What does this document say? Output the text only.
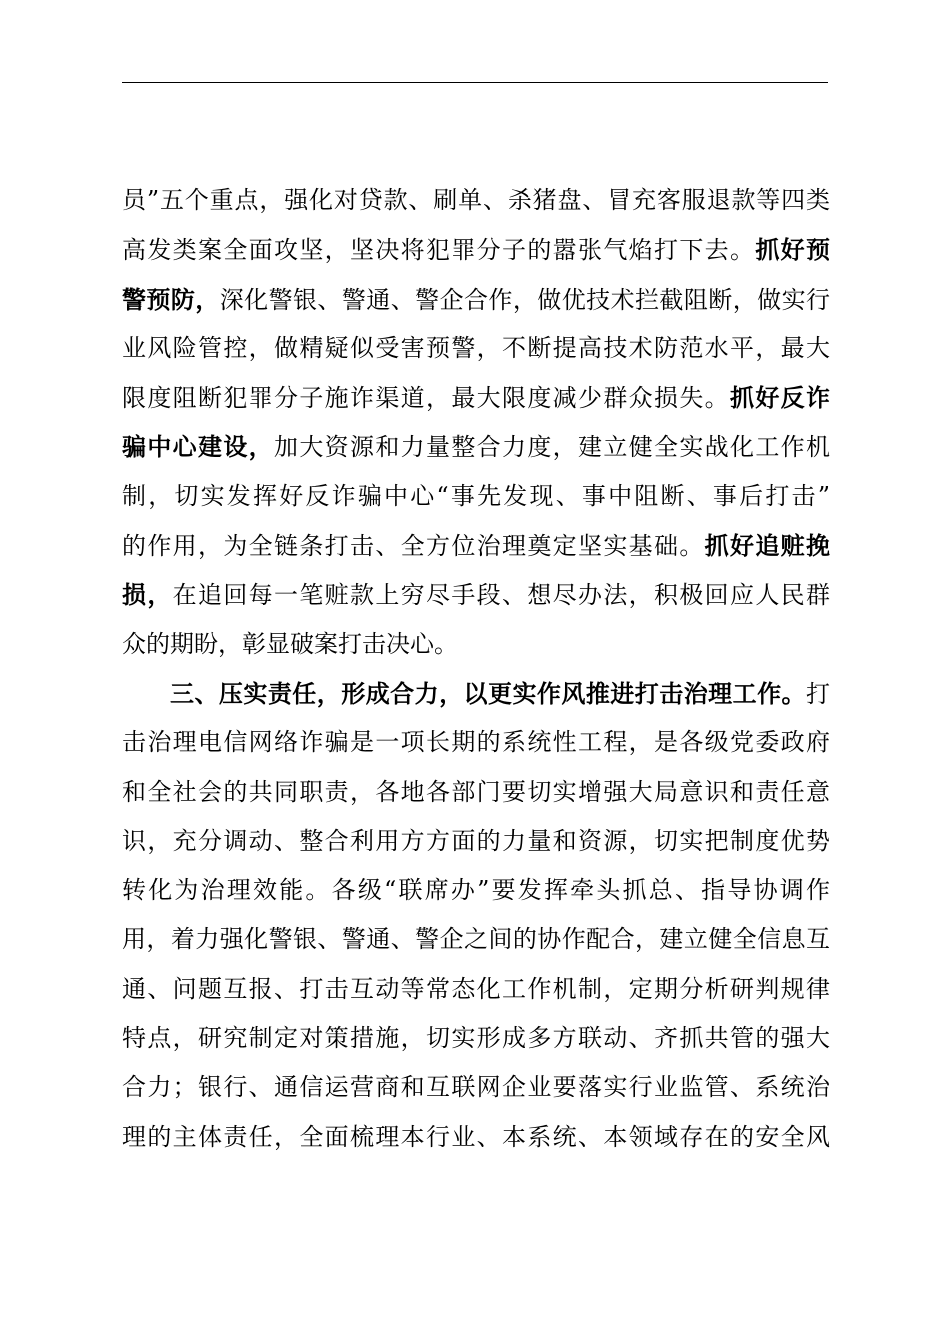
员”五个重点，强化对贷款、刷单、杀猪盘、冒充客服退款等四类
高发类案全面攻坚，坚决将犯罪分子的嚣张气焰打下去。抓好预
警预防，深化警银、警通、警企合作，做优技术拦截阻断，做实行
业风险管控，做精疑似受害预警，不断提高技术防范水平，最大
限度阻断犯罪分子施诈渠道，最大限度减少群众损失。抓好反诈
骗中心建设，加大资源和力量整合力度，建立健全实战化工作机
制，切实发挥好反诈骗中心“事先发现、事中阻断、事后打击”
的作用，为全链条打击、全方位治理奠定坚实基础。抓好追赃挽
损，在追回每一笔赃款上穷尽手段、想尽办法，积极回应人民群
众的期盼，彰显破案打击决心。
三、压实责任，形成合力，以更实作风推进打击治理工作。打
击治理电信网络诈骗是一项长期的系统性工程，是各级党委政府
和全社会的共同职责，各地各部门要切实增强大局意识和责任意
识，充分调动、整合利用方方面的力量和资源，切实把制度优势
转化为治理效能。各级“联席办”要发挥牵头抓总、指导协调作
用，着力强化警银、警通、警企之间的协作配合，建立健全信息互
通、问题互报、打击互动等常态化工作机制，定期分析研判规律
特点，研究制定对策措施，切实形成多方联动、齐抓共管的强大
合力；银行、通信运营商和互联网企业要落实行业监管、系统治
理的主体责任，全面梳理本行业、本系统、本领域存在的安全风
